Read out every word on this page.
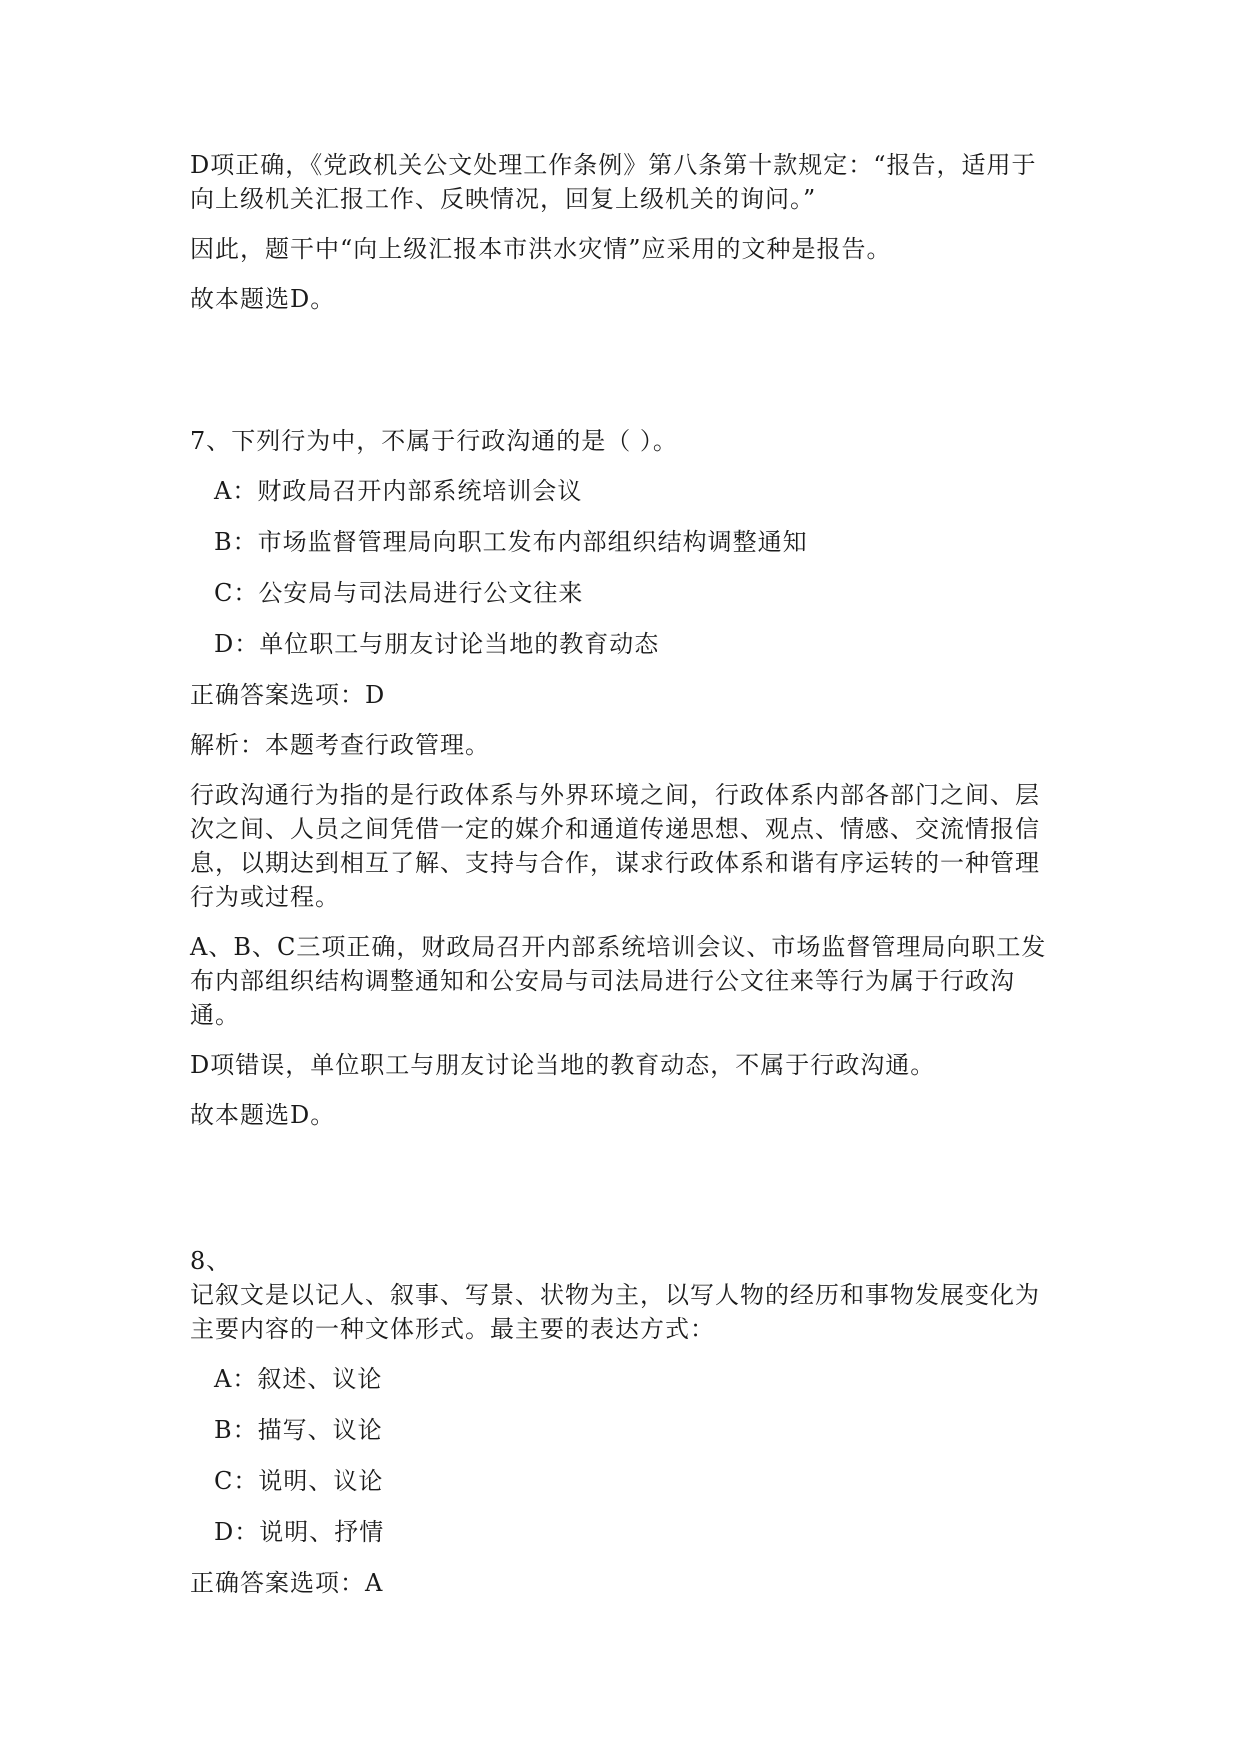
D项正确，《党政机关公文处理工作条例》第八条第十款规定：“报告，适用于向上级机关汇报工作、反映情况，回复上级机关的询问。”

因此，题干中“向上级汇报本市洪水灾情”应采用的文种是报告。

故本题选D。

7、下列行为中，不属于行政沟通的是（ ）。

A：财政局召开内部系统培训会议

B：市场监督管理局向职工发布内部组织结构调整通知

C：公安局与司法局进行公文往来

D：单位职工与朋友讨论当地的教育动态

正确答案选项：D

解析：本题考查行政管理。

行政沟通行为指的是行政体系与外界环境之间，行政体系内部各部门之间、层次之间、人员之间凭借一定的媒介和通道传递思想、观点、情感、交流情报信息，以期达到相互了解、支持与合作，谋求行政体系和谐有序运转的一种管理行为或过程。

A、B、C三项正确，财政局召开内部系统培训会议、市场监督管理局向职工发布内部组织结构调整通知和公安局与司法局进行公文往来等行为属于行政沟通。

D项错误，单位职工与朋友讨论当地的教育动态，不属于行政沟通。

故本题选D。

8、

记叙文是以记人、叙事、写景、状物为主，以写人物的经历和事物发展变化为主要内容的一种文体形式。最主要的表达方式：

A：叙述、议论

B：描写、议论

C：说明、议论

D：说明、抒情

正确答案选项：A
